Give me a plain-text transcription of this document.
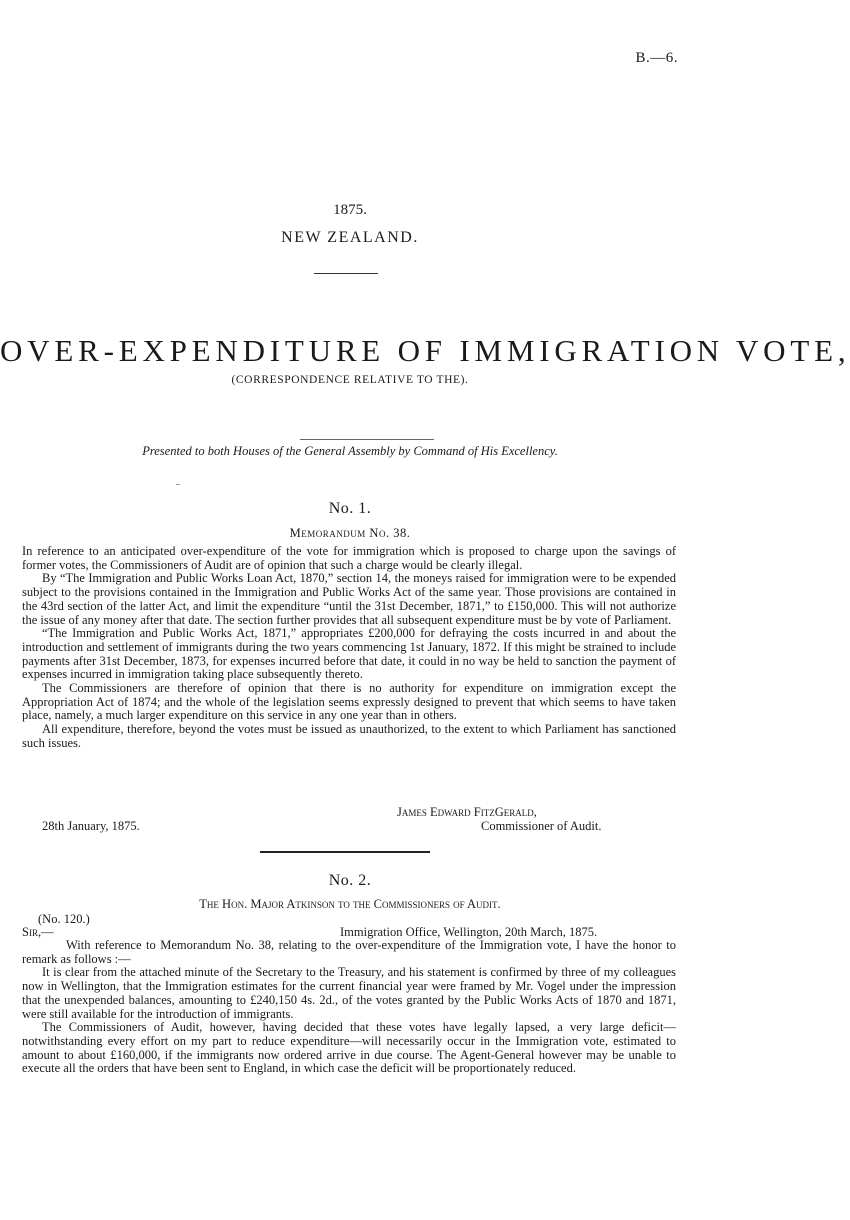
B.—6.
1875.
NEW ZEALAND.
OVER-EXPENDITURE OF IMMIGRATION VOTE,
(CORRESPONDENCE RELATIVE TO THE).
Presented to both Houses of the General Assembly by Command of His Excellency.
No. 1.
Memorandum No. 38.

In reference to an anticipated over-expenditure of the vote for immigration which is proposed to charge upon the savings of former votes, the Commissioners of Audit are of opinion that such a charge would be clearly illegal.

By “The Immigration and Public Works Loan Act, 1870,” section 14, the moneys raised for immigration were to be expended subject to the provisions contained in the Immigration and Public Works Act of the same year. Those provisions are contained in the 43rd section of the latter Act, and limit the expenditure “until the 31st December, 1871,” to £150,000. This will not authorize the issue of any money after that date. The section further provides that all subsequent expenditure must be by vote of Parliament.

“The Immigration and Public Works Act, 1871,” appropriates £200,000 for defraying the costs incurred in and about the introduction and settlement of immigrants during the two years commencing 1st January, 1872. If this might be strained to include payments after 31st December, 1873, for expenses incurred before that date, it could in no way be held to sanction the payment of expenses incurred in immigration taking place subsequently thereto.

The Commissioners are therefore of opinion that there is no authority for expenditure on immigration except the Appropriation Act of 1874; and the whole of the legislation seems expressly designed to prevent that which seems to have taken place, namely, a much larger expenditure on this service in any one year than in others.

All expenditure, therefore, beyond the votes must be issued as unauthorized, to the extent to which Parliament has sanctioned such issues.

James Edward FitzGerald,
28th January, 1875.	Commissioner of Audit.
No. 2.
The Hon. Major Atkinson to the Commissioners of Audit.
(No. 120.)
Sir,—	Immigration Office, Wellington, 20th March, 1875.

With reference to Memorandum No. 38, relating to the over-expenditure of the Immigration vote, I have the honor to remark as follows :—

It is clear from the attached minute of the Secretary to the Treasury, and his statement is confirmed by three of my colleagues now in Wellington, that the Immigration estimates for the current financial year were framed by Mr. Vogel under the impression that the unexpended balances, amounting to £240,150 4s. 2d., of the votes granted by the Public Works Acts of 1870 and 1871, were still available for the introduction of immigrants.

The Commissioners of Audit, however, having decided that these votes have legally lapsed, a very large deficit—notwithstanding every effort on my part to reduce expenditure—will necessarily occur in the Immigration vote, estimated to amount to about £160,000, if the immigrants now ordered arrive in due course. The Agent-General however may be unable to execute all the orders that have been sent to England, in which case the deficit will be proportionately reduced.
